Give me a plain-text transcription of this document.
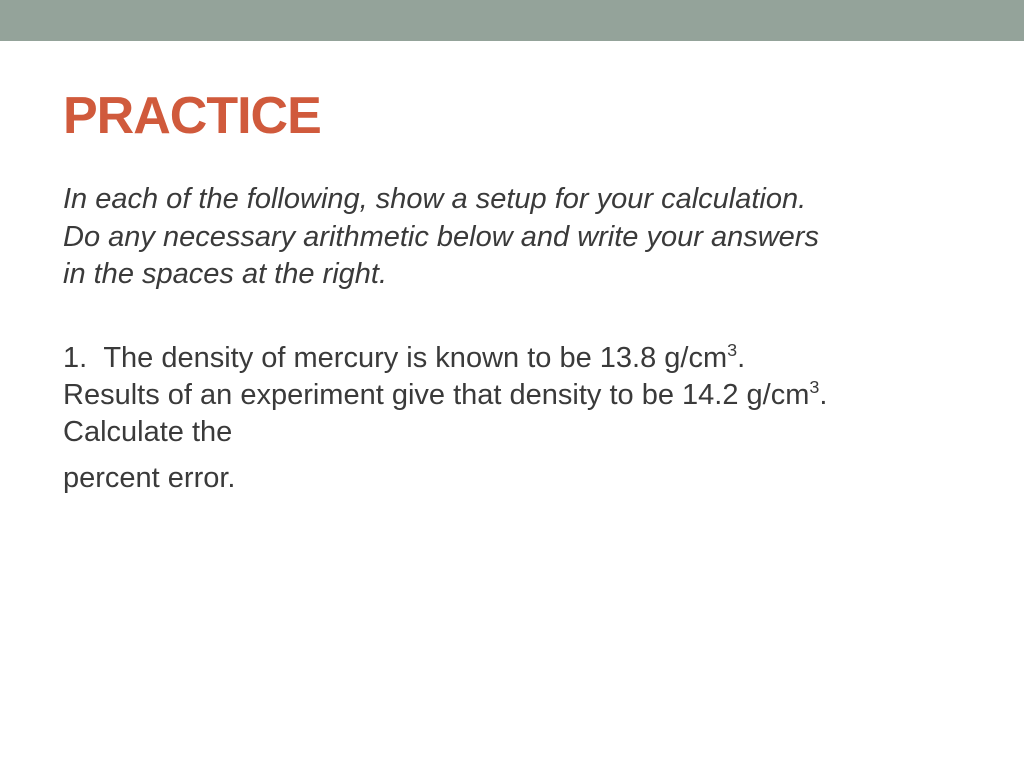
PRACTICE

In each of the following, show a setup for your calculation.
Do any necessary arithmetic below and write your answers
in the spaces at the right.

1. The density of mercury is known to be 13.8 $g/cm^3$.
Results of an experiment give that density to be 14.2 $g/cm^3$.
Calculate the

percent error.
